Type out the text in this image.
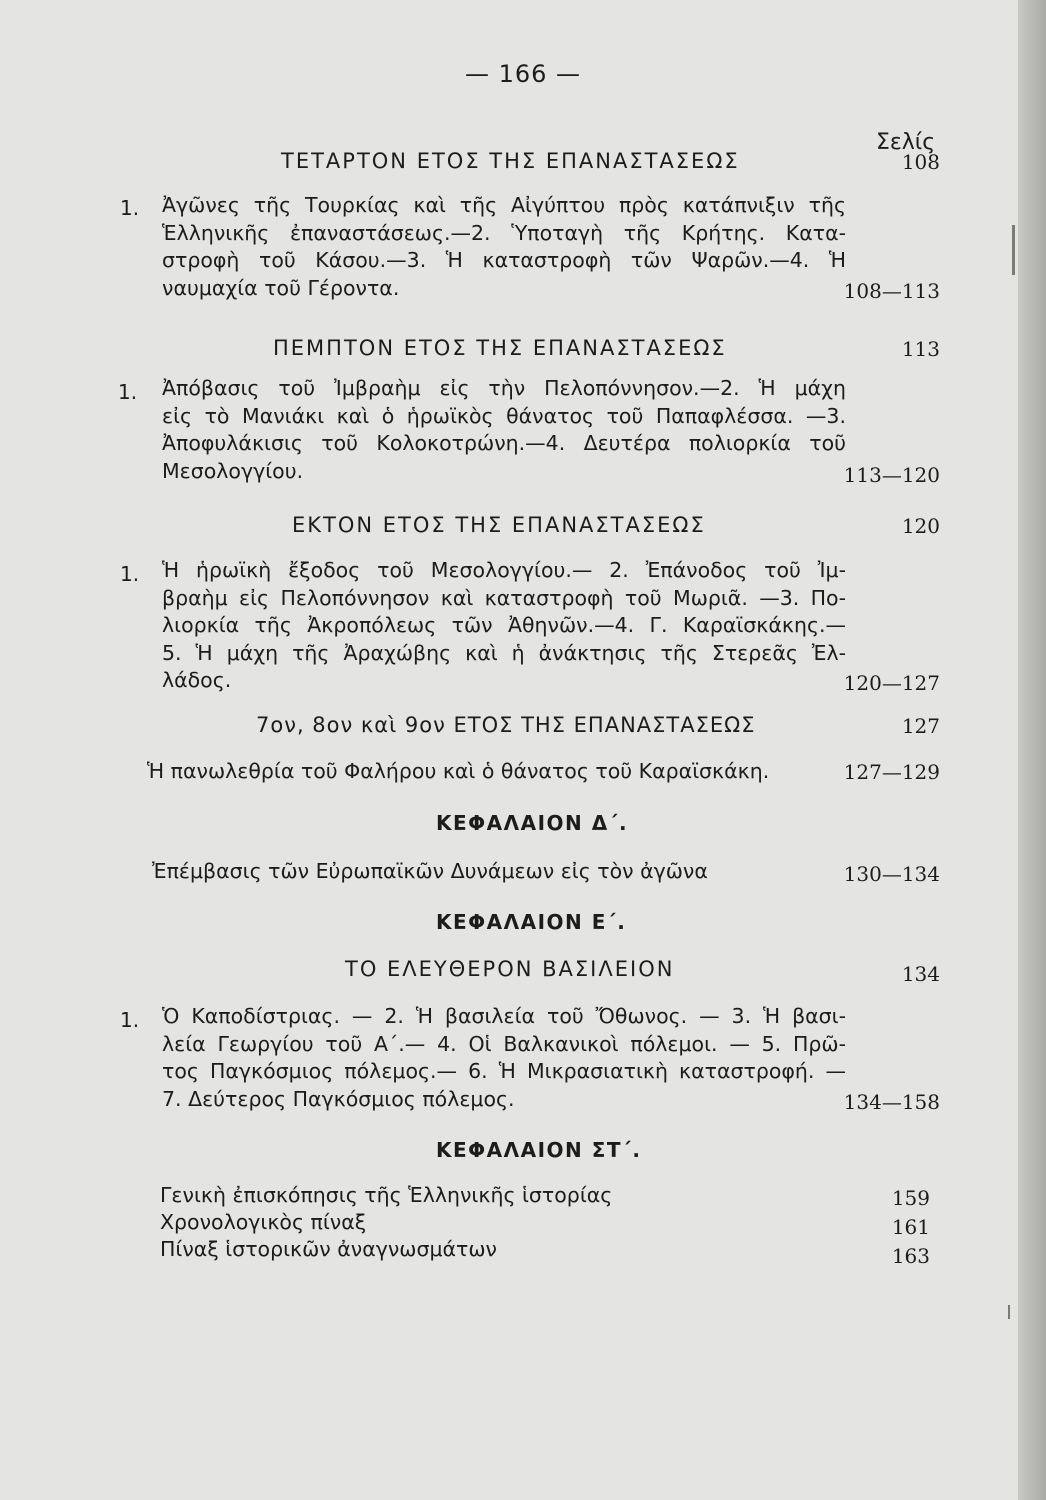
— 166 —
Σελίς
ΤΕΤΑΡΤΟΝ ΕΤΟΣ ΤΗΣ ΕΠΑΝΑΣΤΑΣΕΩΣ	108
1. Ἀγῶνες τῆς Τουρκίας καὶ τῆς Αἰγύπτου πρὸς κατάπνιξιν τῆς
Ἑλληνικῆς ἐπαναστάσεως.—2. Ὑποταγὴ τῆς Κρήτης. Κατα-
στροφὴ τοῦ Κάσου.—3. Ἡ καταστροφὴ τῶν Ψαρῶν.—4. Ἡ
ναυμαχία τοῦ Γέροντα.	108—113
ΠΕΜΠΤΟΝ ΕΤΟΣ ΤΗΣ ΕΠΑΝΑΣΤΑΣΕΩΣ	113
1. Ἀπόβασις τοῦ Ἰμβραὴμ εἰς τὴν Πελοπόννησον.—2. Ἡ μάχη
εἰς τὸ Μανιάκι καὶ ὁ ἡρωϊκὸς θάνατος τοῦ Παπαφλέσσα. —3.
Ἀποφυλάκισις τοῦ Κολοκοτρώνη.—4. Δευτέρα πολιορκία τοῦ
Μεσολογγίου.	113—120
ΕΚΤΟΝ ΕΤΟΣ ΤΗΣ ΕΠΑΝΑΣΤΑΣΕΩΣ	120
1. Ἡ ἡρωϊκὴ ἔξοδος τοῦ Μεσολογγίου.— 2. Ἐπάνοδος τοῦ Ἰμ-
βραὴμ εἰς Πελοπόννησον καὶ καταστροφὴ τοῦ Μωριᾶ. —3. Πο-
λιορκία τῆς Ἀκροπόλεως τῶν Ἀθηνῶν.—4. Γ. Καραϊσκάκης.—
5. Ἡ μάχη τῆς Ἀραχώβης καὶ ἡ ἀνάκτησις τῆς Στερεᾶς Ἐλ-
λάδος.	120—127
7ον, 8ον καὶ 9ον ΕΤΟΣ ΤΗΣ ΕΠΑΝΑΣΤΑΣΕΩΣ	127
Ἡ πανωλεθρία τοῦ Φαλήρου καὶ ὁ θάνατος τοῦ Καραϊσκάκη.	127—129
ΚΕΦΑΛΑΙΟΝ Δ΄.
Ἐπέμβασις τῶν Εὐρωπαϊκῶν Δυνάμεων εἰς τὸν ἀγῶνα	130—134
ΚΕΦΑΛΑΙΟΝ Ε΄.
ΤΟ ΕΛΕΥΘΕΡΟΝ ΒΑΣΙΛΕΙΟΝ	134
1. Ὁ Καποδίστριας. — 2. Ἡ βασιλεία τοῦ Ὄθωνος. — 3. Ἡ βασι-
λεία Γεωργίου τοῦ Α΄.— 4. Οἱ Βαλκανικοὶ πόλεμοι. — 5. Πρῶ-
τος Παγκόσμιος πόλεμος.— 6. Ἡ Μικρασιατικὴ καταστροφή. —
7. Δεύτερος Παγκόσμιος πόλεμος.	134—158
ΚΕΦΑΛΑΙΟΝ ΣΤ΄.
Γενικὴ ἐπισκόπησις τῆς Ἑλληνικῆς ἱστορίας	159
Χρονολογικὸς πίναξ	161
Πίναξ ἱστορικῶν ἀναγνωσμάτων	163
